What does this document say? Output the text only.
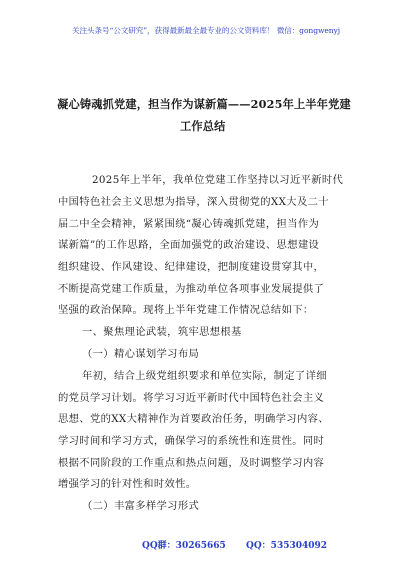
关注头条号“公文研究”，获得最新最全最专业的公文资料库！ 微信：gongwenyj
凝心铸魂抓党建，担当作为谋新篇——2025年上半年党建
工作总结
2025年上半年，我单位党建工作坚持以习近平新时代
中国特色社会主义思想为指导，深入贯彻党的XX大及二十
届二中全会精神，紧紧围绕“凝心铸魂抓党建，担当作为
谋新篇”的工作思路，全面加强党的政治建设、思想建设
组织建设、作风建设、纪律建设，把制度建设贯穿其中，
不断提高党建工作质量，为推动单位各项事业发展提供了
坚强的政治保障。现将上半年党建工作情况总结如下：
一、聚焦理论武装，筑牢思想根基
（一）精心谋划学习布局
年初，结合上级党组织要求和单位实际，制定了详细
的党员学习计划。将学习习近平新时代中国特色社会主义
思想、党的XX大精神作为首要政治任务，明确学习内容、
学习时间和学习方式，确保学习的系统性和连贯性。同时
根据不同阶段的工作重点和热点问题，及时调整学习内容
增强学习的针对性和时效性。
（二）丰富多样学习形式
QQ群：30265665 QQ：535304092
